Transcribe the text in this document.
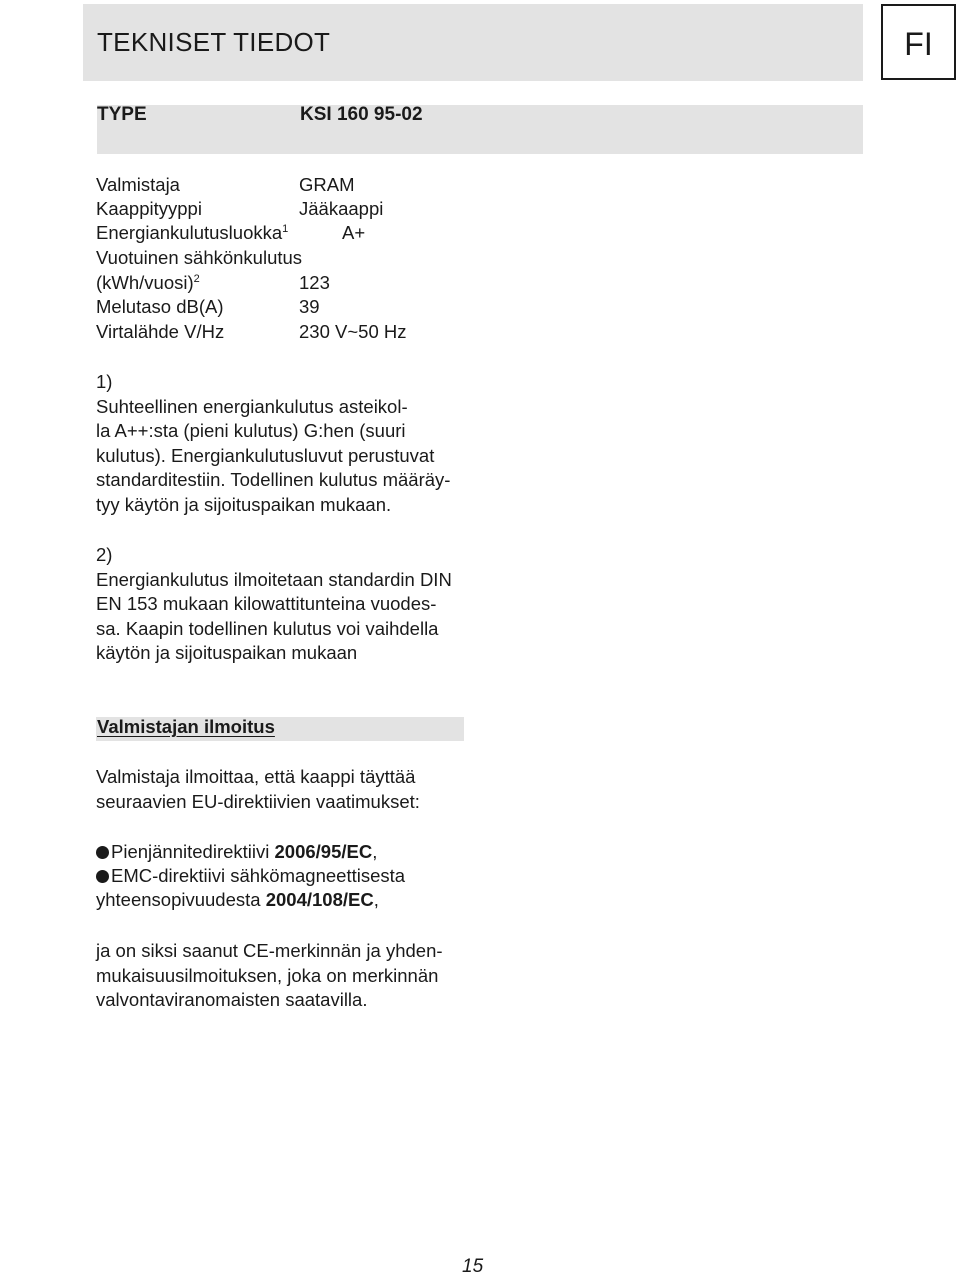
TEKNISET TIEDOT	FI
TYPE	KSI 160 95-02
Valmistaja	GRAM
Kaappityyppi	Jääkaappi
Energiankulutusluokka$^1$	A+
Vuotuinen sähkönkulutus
(kWh/vuosi)$^2$	123
Melutaso dB(A)	39
Virtalähde V/Hz	230 V~50 Hz

1)
Suhteellinen energiankulutus asteikol-
la A++:sta (pieni kulutus) G:hen (suuri
kulutus). Energiankulutusluvut perustuvat
standarditestiin. Todellinen kulutus määräy-
tyy käytön ja sijoituspaikan mukaan.

2)
Energiankulutus ilmoitetaan standardin DIN
EN 153 mukaan kilowattitunteina vuodes-
sa. Kaapin todellinen kulutus voi vaihdella
käytön ja sijoituspaikan mukaan

Valmistajan ilmoitus

Valmistaja ilmoittaa, että kaappi täyttää
seuraavien EU-direktiivien vaatimukset:

Pienjännitedirektiivi 2006/95/EC,
EMC-direktiivi sähkömagneettisesta
yhteensopivuudesta 2004/108/EC,

ja on siksi saanut CE-merkinnän ja yhden-
mukaisuusilmoituksen, joka on merkinnän
valvontaviranomaisten saatavilla.

15
